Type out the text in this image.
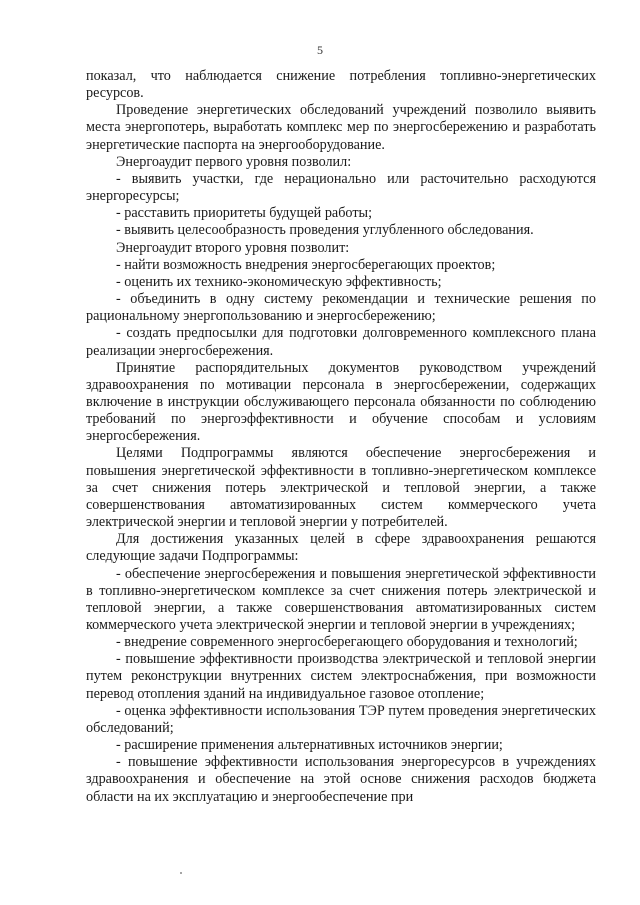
5

показал, что наблюдается снижение потребления топливно-энергетических ресурсов.

Проведение энергетических обследований учреждений позволило выявить места энергопотерь, выработать комплекс мер по энергосбережению и разработать энергетические паспорта на энергооборудование.

Энергоаудит первого уровня позволил:

- выявить участки, где нерационально или расточительно расходуются энергоресурсы;

- расставить приоритеты будущей работы;

- выявить целесообразность проведения углубленного обследования.

Энергоаудит второго уровня позволит:

- найти возможность внедрения энергосберегающих проектов;

- оценить их технико-экономическую эффективность;

- объединить в одну систему рекомендации и технические решения по рациональному энергопользованию и энергосбережению;

- создать предпосылки для подготовки долговременного комплексного плана реализации энергосбережения.

Принятие распорядительных документов руководством учреждений здравоохранения по мотивации персонала в энергосбережении, содержащих включение в инструкции обслуживающего персонала обязанности по соблюдению требований по энергоэффективности и обучение способам и условиям энергосбережения.

Целями Подпрограммы являются обеспечение энергосбережения и повышения энергетической эффективности в топливно-энергетическом комплексе за счет снижения потерь электрической и тепловой энергии, а также совершенствования автоматизированных систем коммерческого учета электрической энергии и тепловой энергии у потребителей.

Для достижения указанных целей в сфере здравоохранения решаются следующие задачи Подпрограммы:

- обеспечение энергосбережения и повышения энергетической эффективности в топливно-энергетическом комплексе за счет снижения потерь электрической и тепловой энергии, а также совершенствования автоматизированных систем коммерческого учета электрической энергии и тепловой энергии в учреждениях;

- внедрение современного энергосберегающего оборудования и технологий;

- повышение эффективности производства электрической и тепловой энергии путем реконструкции внутренних систем электроснабжения, при возможности перевод отопления зданий на индивидуальное газовое отопление;

- оценка эффективности использования ТЭР путем проведения энергетических обследований;

- расширение применения альтернативных источников энергии;

- повышение эффективности использования энергоресурсов в учреждениях здравоохранения и обеспечение на этой основе снижения расходов бюджета области на их эксплуатацию и энергообеспечение при
